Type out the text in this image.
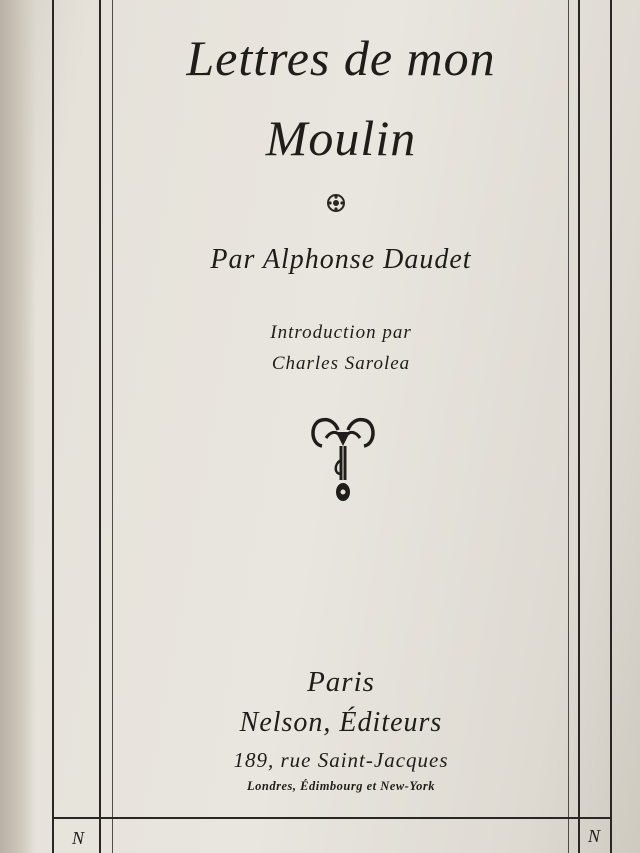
Lettres de mon
Moulin
Par Alphonse Daudet
Introduction par
Charles Sarolea
Paris
Nelson, Éditeurs
189, rue Saint-Jacques
Londres, Édimbourg et New-York
N	N
